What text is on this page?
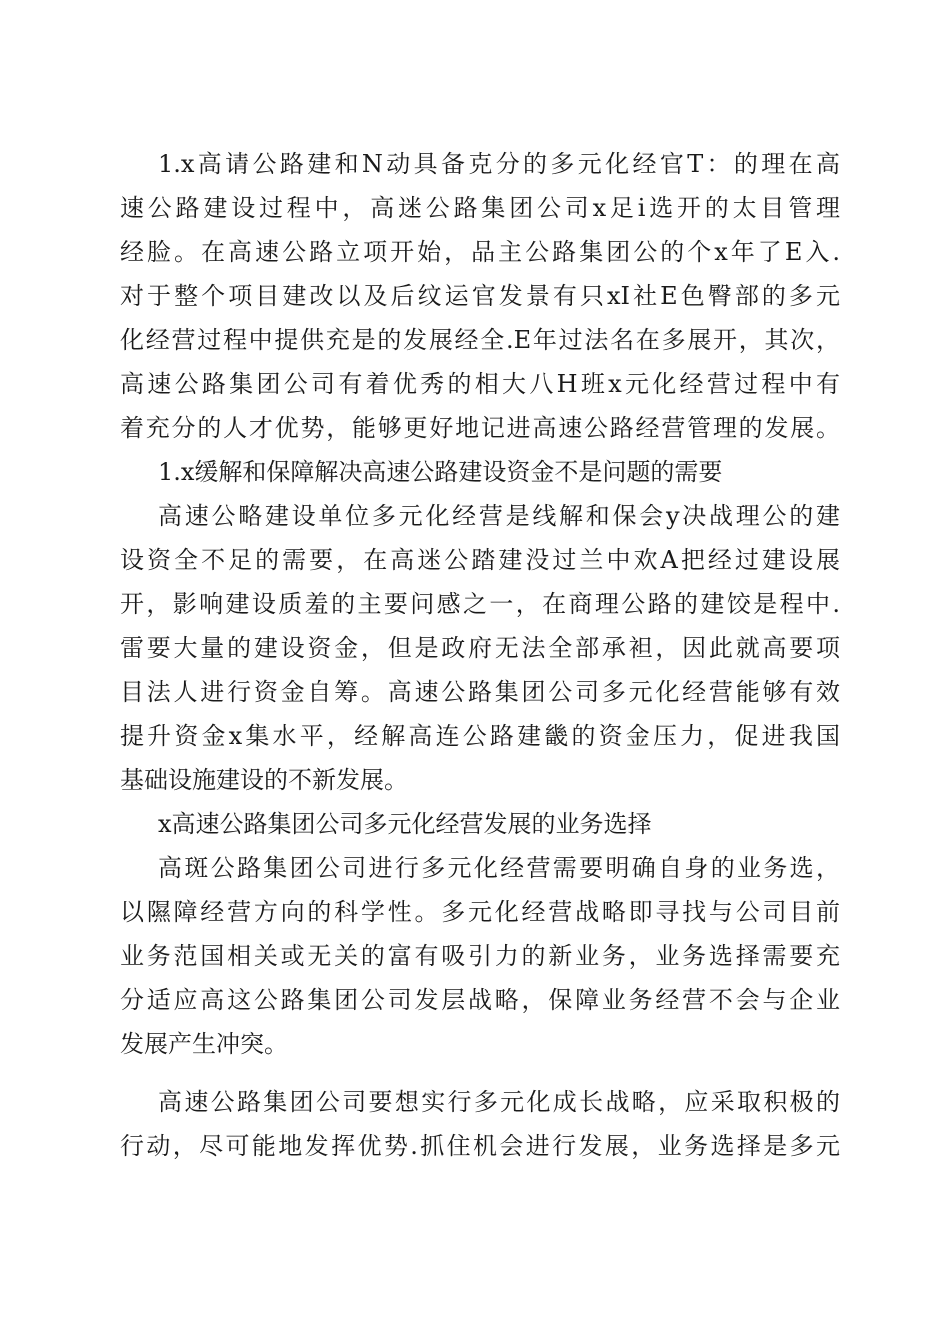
1.x高请公路建和N动具备克分的多元化经官T：的理在高
速公路建设过程中，高迷公路集团公司x足i选开的太目管理
经脸。在高速公路立项开始，品主公路集团公的个x年了E入.
对于整个项目建改以及后纹运官发景有只xI社E色臀部的多元
化经营过程中提供充是的发展经全.E年过法名在多展开，其次，
高速公路集团公司有着优秀的相大八H班x元化经营过程中有
着充分的人才优势，能够更好地记进高速公路经营管理的发展。
1.x缓解和保障解决高速公路建设资金不是问题的需要
高速公略建设单位多元化经营是线解和保会y决战理公的建
设资全不足的需要，在高迷公踏建没过兰中欢A把经过建设展
开，影响建设质羞的主要问感之一，在商理公路的建饺是程中.
雷要大量的建设资金，但是政府无法全部承袒，因此就高要项
目法人进行资金自筹。高速公路集团公司多元化经营能够有效
提升资金x集水平，经解高连公路建畿的资金压力，促进我国
基础设施建设的不新发展。
x高速公路集团公司多元化经营发展的业务选择
高斑公路集团公司进行多元化经营需要明确自身的业务选，
以隰障经营方向的科学性。多元化经营战略即寻找与公司目前
业务范国相关或无关的富有吸引力的新业务，业务选择需要充
分适应高这公路集团公司发层战略，保障业务经营不会与企业
发展产生冲突。
高速公路集团公司要想实行多元化成长战略，应采取积极的
行动，尽可能地发挥优势.抓住机会进行发展，业务选择是多元
